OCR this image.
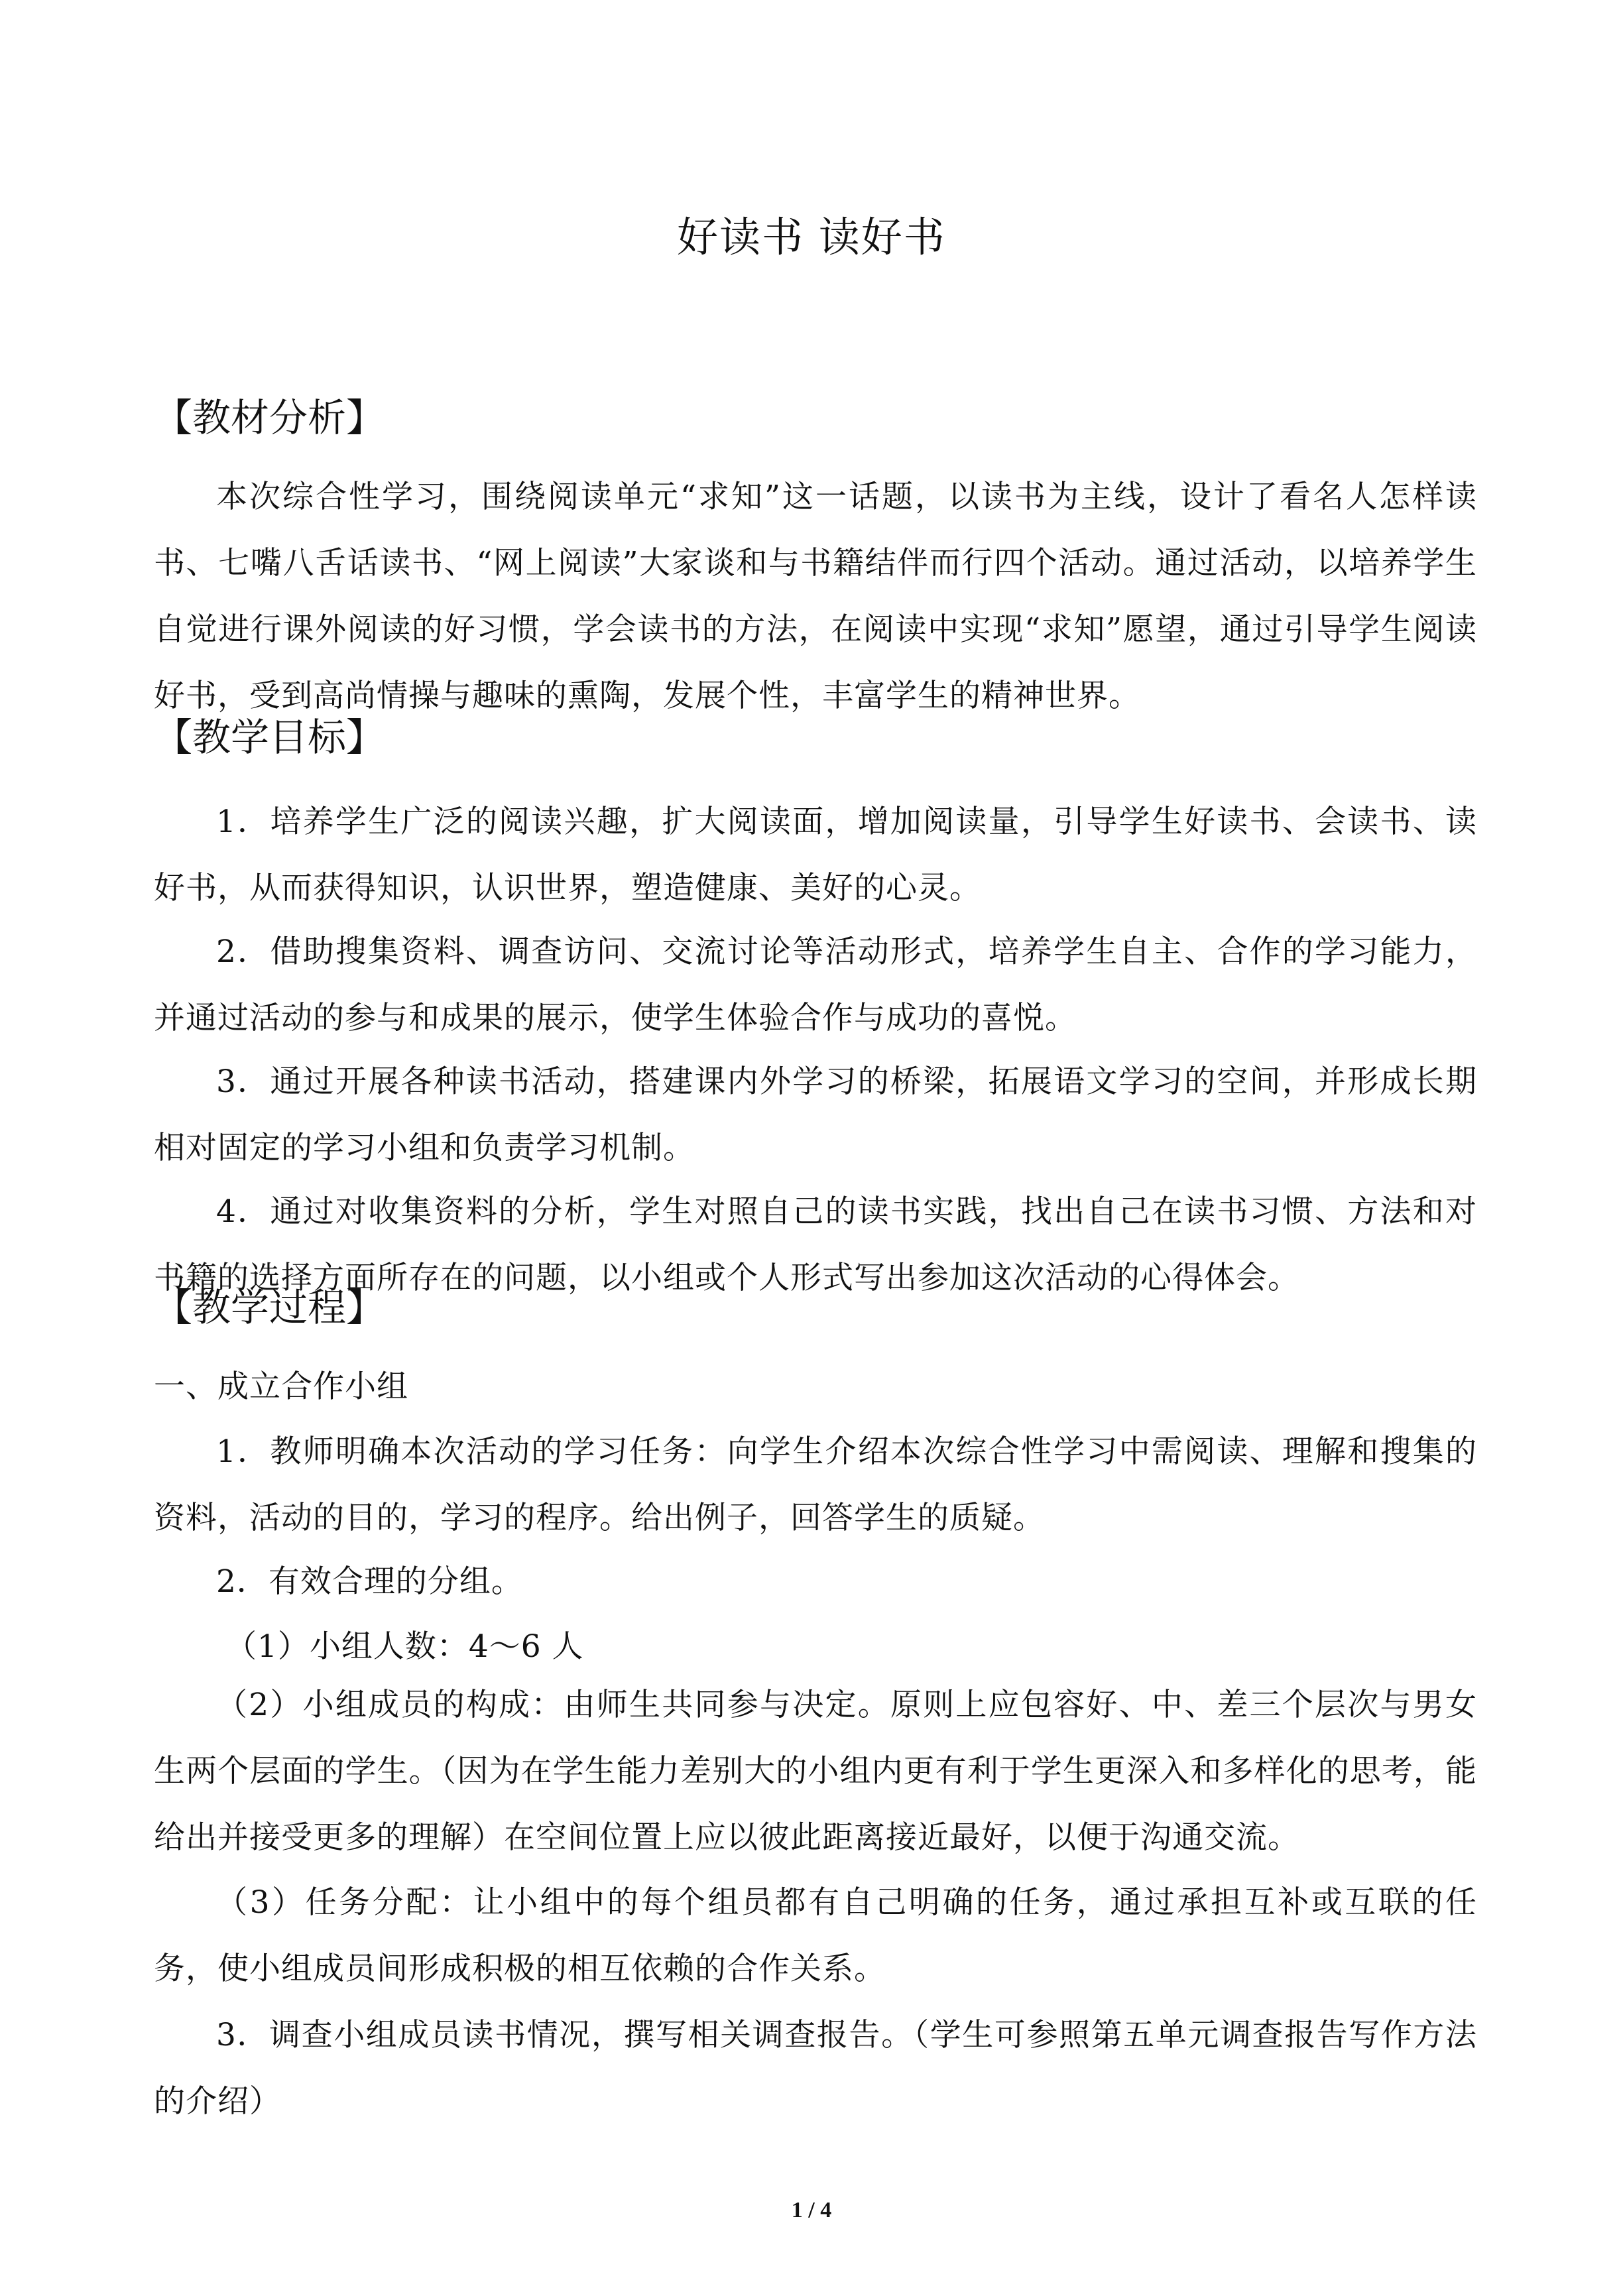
好读书 读好书
【教材分析】

本次综合性学习，围绕阅读单元“求知”这一话题，以读书为主线，设计了看名人怎样读书、七嘴八舌话读书、“网上阅读”大家谈和与书籍结伴而行四个活动。通过活动，以培养学生自觉进行课外阅读的好习惯，学会读书的方法，在阅读中实现“求知”愿望，通过引导学生阅读好书，受到高尚情操与趣味的熏陶，发展个性，丰富学生的精神世界。

【教学目标】

1．培养学生广泛的阅读兴趣，扩大阅读面，增加阅读量，引导学生好读书、会读书、读好书，从而获得知识，认识世界，塑造健康、美好的心灵。

2．借助搜集资料、调查访问、交流讨论等活动形式，培养学生自主、合作的学习能力，并通过活动的参与和成果的展示，使学生体验合作与成功的喜悦。

3．通过开展各种读书活动，搭建课内外学习的桥梁，拓展语文学习的空间，并形成长期相对固定的学习小组和负责学习机制。

4．通过对收集资料的分析，学生对照自己的读书实践，找出自己在读书习惯、方法和对书籍的选择方面所存在的问题，以小组或个人形式写出参加这次活动的心得体会。

【教学过程】

一、成立合作小组

1．教师明确本次活动的学习任务：向学生介绍本次综合性学习中需阅读、理解和搜集的资料，活动的目的，学习的程序。给出例子，回答学生的质疑。

2．有效合理的分组。

（1）小组人数：4～6 人

（2）小组成员的构成：由师生共同参与决定。原则上应包容好、中、差三个层次与男女生两个层面的学生。（因为在学生能力差别大的小组内更有利于学生更深入和多样化的思考，能给出并接受更多的理解）在空间位置上应以彼此距离接近最好，以便于沟通交流。

（3）任务分配：让小组中的每个组员都有自己明确的任务，通过承担互补或互联的任务，使小组成员间形成积极的相互依赖的合作关系。

3．调查小组成员读书情况，撰写相关调查报告。（学生可参照第五单元调查报告写作方法的介绍）

1 / 4
